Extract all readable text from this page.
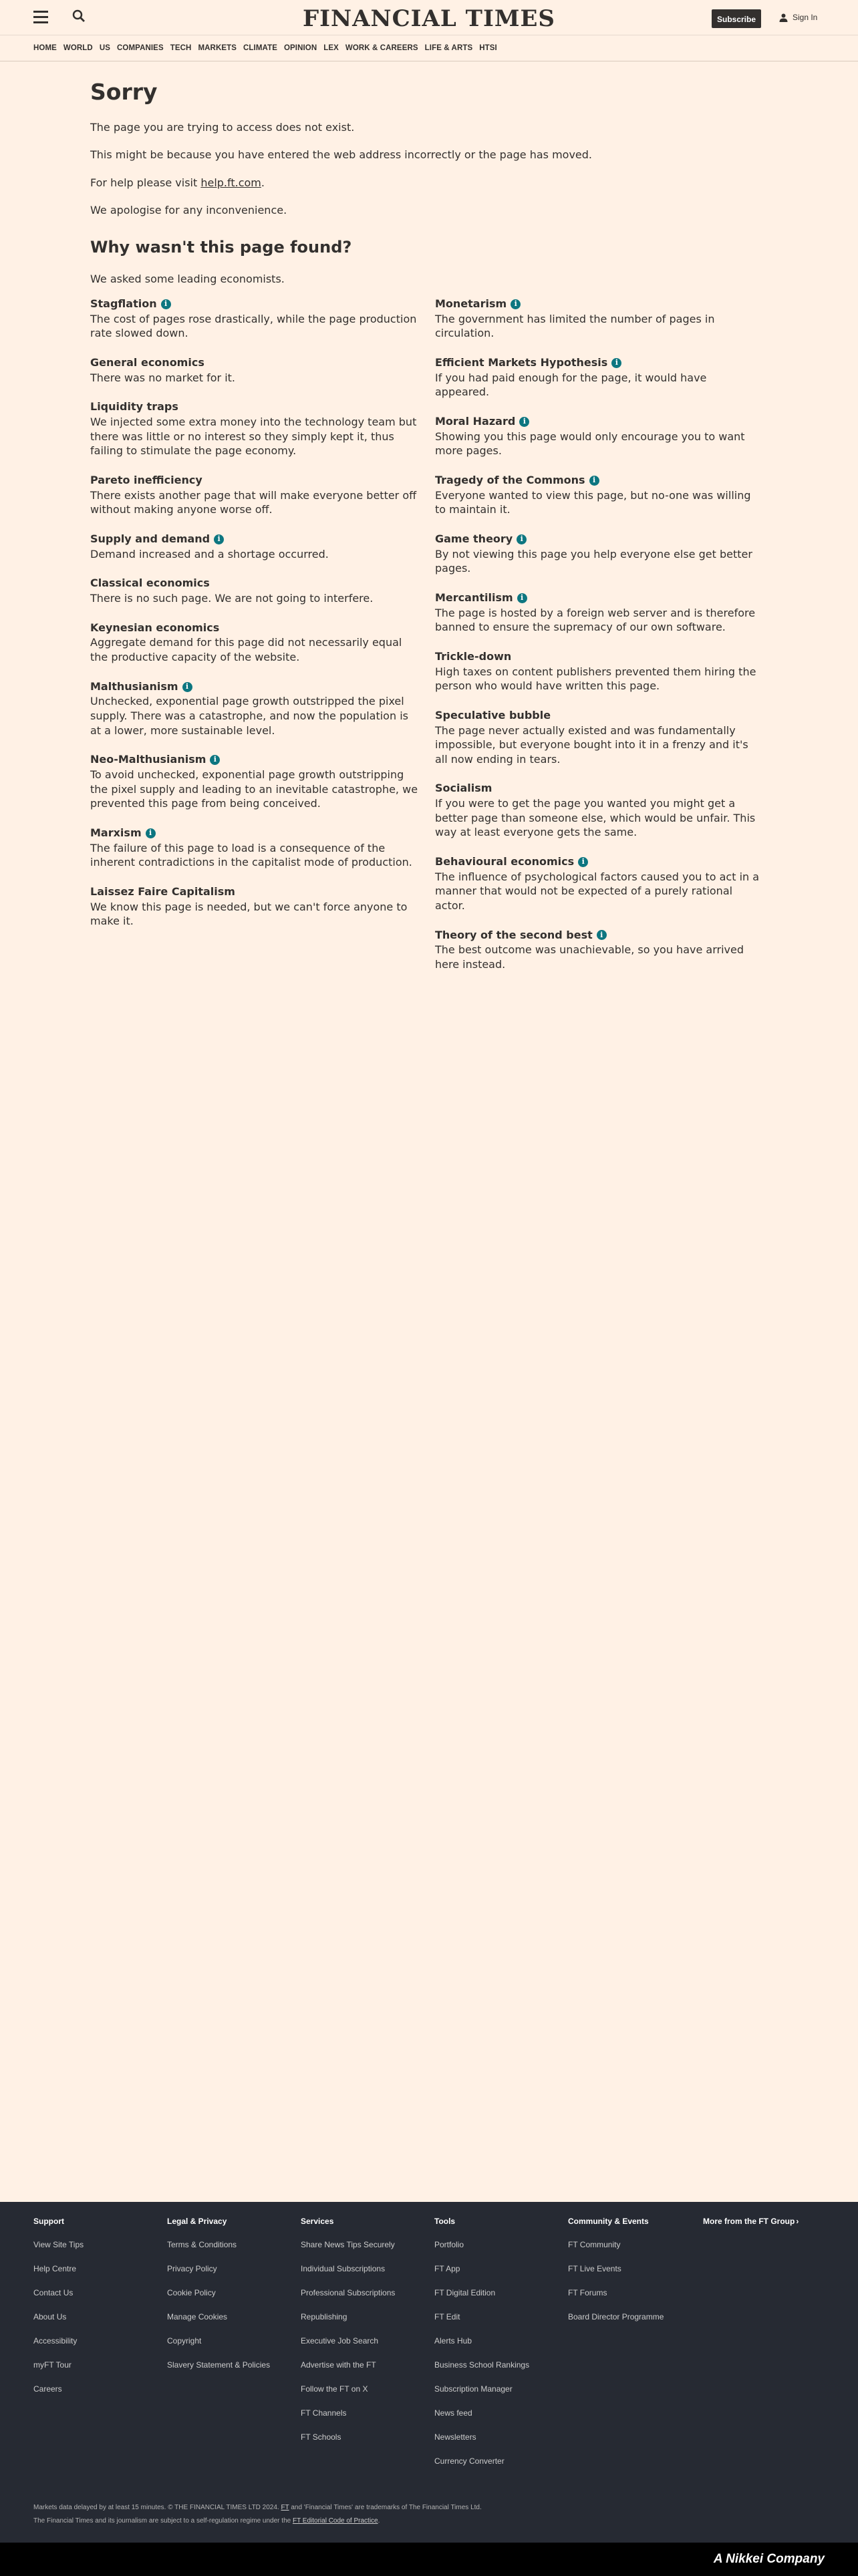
FINANCIAL TIMES	Subscribe	Sign In
HOME WORLD US COMPANIES TECH MARKETS CLIMATE OPINION LEX WORK & CAREERS LIFE & ARTS HTSI
Sorry

The page you are trying to access does not exist.

This might be because you have entered the web address incorrectly or the page has moved.

For help please visit help.ft.com.

We apologise for any inconvenience.

Why wasn't this page found?

We asked some leading economists.

Stagflation	i
The cost of pages rose drastically, while the page production rate slowed down.
General economics
There was no market for it.
Liquidity traps
We injected some extra money into the technology team but there was little or no interest so they simply kept it, thus failing to stimulate the page economy.
Pareto inefficiency
There exists another page that will make everyone better off without making anyone worse off.
Supply and demand	i
Demand increased and a shortage occurred.
Classical economics
There is no such page. We are not going to interfere.
Keynesian economics
Aggregate demand for this page did not necessarily equal the productive capacity of the website.
Malthusianism	i
Unchecked, exponential page growth outstripped the pixel supply. There was a catastrophe, and now the population is at a lower, more sustainable level.
Neo-Malthusianism	i
To avoid unchecked, exponential page growth outstripping the pixel supply and leading to an inevitable catastrophe, we prevented this page from being conceived.
Marxism	i
The failure of this page to load is a consequence of the inherent contradictions in the capitalist mode of production.
Laissez Faire Capitalism
We know this page is needed, but we can't force anyone to make it.
Monetarism	i
The government has limited the number of pages in circulation.
Efficient Markets Hypothesis	i
If you had paid enough for the page, it would have appeared.
Moral Hazard	i
Showing you this page would only encourage you to want more pages.
Tragedy of the Commons	i
Everyone wanted to view this page, but no-one was willing to maintain it.
Game theory	i
By not viewing this page you help everyone else get better pages.
Mercantilism	i
The page is hosted by a foreign web server and is therefore banned to ensure the supremacy of our own software.
Trickle-down
High taxes on content publishers prevented them hiring the person who would have written this page.
Speculative bubble
The page never actually existed and was fundamentally impossible, but everyone bought into it in a frenzy and it's all now ending in tears.
Socialism
If you were to get the page you wanted you might get a better page than someone else, which would be unfair. This way at least everyone gets the same.
Behavioural economics	i
The influence of psychological factors caused you to act in a manner that would not be expected of a purely rational actor.
Theory of the second best	i
The best outcome was unachievable, so you have arrived here instead.
Support
View Site Tips
Help Centre
Contact Us
About Us
Accessibility
myFT Tour
Careers
Legal & Privacy
Terms & Conditions
Privacy Policy
Cookie Policy
Manage Cookies
Copyright
Slavery Statement & Policies
Services
Share News Tips Securely
Individual Subscriptions
Professional Subscriptions
Republishing
Executive Job Search
Advertise with the FT
Follow the FT on X
FT Channels
FT Schools
Tools
Portfolio
FT App
FT Digital Edition
FT Edit
Alerts Hub
Business School Rankings
Subscription Manager
News feed
Newsletters
Currency Converter
Community & Events
FT Community
FT Live Events
FT Forums
Board Director Programme
More from the FT Group ›
Markets data delayed by at least 15 minutes. © THE FINANCIAL TIMES LTD 2024. FT and 'Financial Times' are trademarks of The Financial Times Ltd.
The Financial Times and its journalism are subject to a self-regulation regime under the FT Editorial Code of Practice.
A Nikkei Company
